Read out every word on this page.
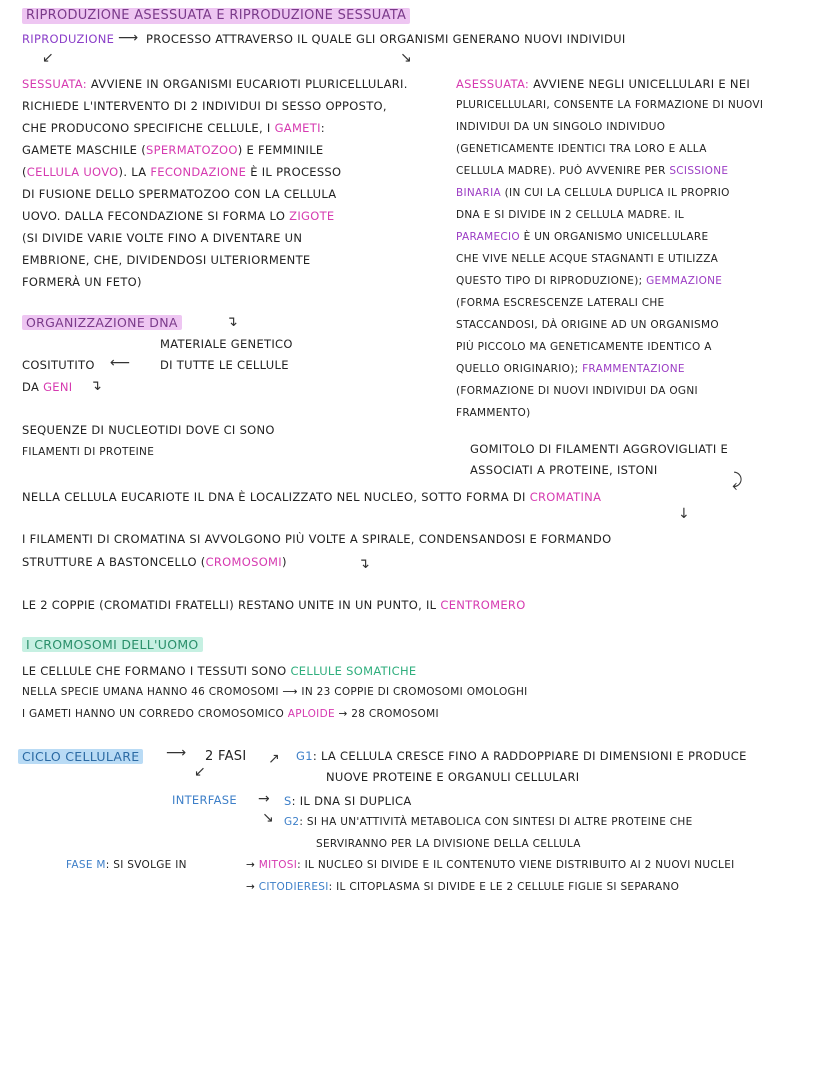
RIPRODUZIONE ASESSUATA E RIPRODUZIONE SESSUATA
RIPRODUZIONE ⟶ PROCESSO ATTRAVERSO IL QUALE GLI ORGANISMI GENERANO NUOVI INDIVIDUI
↙	↘
SESSUATA: AVVIENE IN ORGANISMI EUCARIOTI PLURICELLULARI.
RICHIEDE L'INTERVENTO DI 2 INDIVIDUI DI SESSO OPPOSTO,
CHE PRODUCONO SPECIFICHE CELLULE, I GAMETI:
GAMETE MASCHILE (SPERMATOZOO) E FEMMINILE
(CELLULA UOVO). LA FECONDAZIONE È IL PROCESSO
DI FUSIONE DELLO SPERMATOZOO CON LA CELLULA
UOVO. DALLA FECONDAZIONE SI FORMA LO ZIGOTE
(SI DIVIDE VARIE VOLTE FINO A DIVENTARE UN
EMBRIONE, CHE, DIVIDENDOSI ULTERIORMENTE
FORMERÀ UN FETO)
ASESSUATA: AVVIENE NEGLI UNICELLULARI E NEI
PLURICELLULARI, CONSENTE LA FORMAZIONE DI NUOVI
INDIVIDUI DA UN SINGOLO INDIVIDUO
(GENETICAMENTE IDENTICI TRA LORO E ALLA
CELLULA MADRE). PUÒ AVVENIRE PER SCISSIONE
BINARIA (IN CUI LA CELLULA DUPLICA IL PROPRIO
DNA E SI DIVIDE IN 2 CELLULA MADRE. IL
PARAMECIO È UN ORGANISMO UNICELLULARE
CHE VIVE NELLE ACQUE STAGNANTI E UTILIZZA
QUESTO TIPO DI RIPRODUZIONE); GEMMAZIONE
(FORMA ESCRESCENZE LATERALI CHE
STACCANDOSI, DÀ ORIGINE AD UN ORGANISMO
PIÙ PICCOLO MA GENETICAMENTE IDENTICO A
QUELLO ORIGINARIO); FRAMMENTAZIONE
(FORMAZIONE DI NUOVI INDIVIDUI DA OGNI
FRAMMENTO)
ORGANIZZAZIONE DNA	↴
MATERIALE GENETICO
DI TUTTE LE CELLULE
COSITUTITO ⟵
DA GENI ↴
SEQUENZE DI NUCLEOTIDI DOVE CI SONO
FILAMENTI DI PROTEINE	GOMITOLO DI FILAMENTI AGGROVIGLIATI E
ASSOCIATI A PROTEINE, ISTONI	⤸
NELLA CELLULA EUCARIOTE IL DNA È LOCALIZZATO NEL NUCLEO, SOTTO FORMA DI CROMATINA
↓
I FILAMENTI DI CROMATINA SI AVVOLGONO PIÙ VOLTE A SPIRALE, CONDENSANDOSI E FORMANDO
STRUTTURE A BASTONCELLO (CROMOSOMI)	↴
LE 2 COPPIE (CROMATIDI FRATELLI) RESTANO UNITE IN UN PUNTO, IL CENTROMERO
I CROMOSOMI DELL'UOMO
LE CELLULE CHE FORMANO I TESSUTI SONO CELLULE SOMATICHE
NELLA SPECIE UMANA HANNO 46 CROMOSOMI ⟶ IN 23 COPPIE DI CROMOSOMI OMOLOGHI
I GAMETI HANNO UN CORREDO CROMOSOMICO APLOIDE → 28 CROMOSOMI
CICLO CELLULARE ⟶ 2 FASI
↙
↗ G1: LA CELLULA CRESCE FINO A RADDOPPIARE DI DIMENSIONI E PRODUCE
NUOVE PROTEINE E ORGANULI CELLULARI
INTERFASE → S: IL DNA SI DUPLICA
↘ G2: SI HA UN'ATTIVITÀ METABOLICA CON SINTESI DI ALTRE PROTEINE CHE
SERVIRANNO PER LA DIVISIONE DELLA CELLULA
FASE M: SI SVOLGE IN	→ MITOSI: IL NUCLEO SI DIVIDE E IL CONTENUTO VIENE DISTRIBUITO AI 2 NUOVI NUCLEI
→ CITODIERESI: IL CITOPLASMA SI DIVIDE E LE 2 CELLULE FIGLIE SI SEPARANO
